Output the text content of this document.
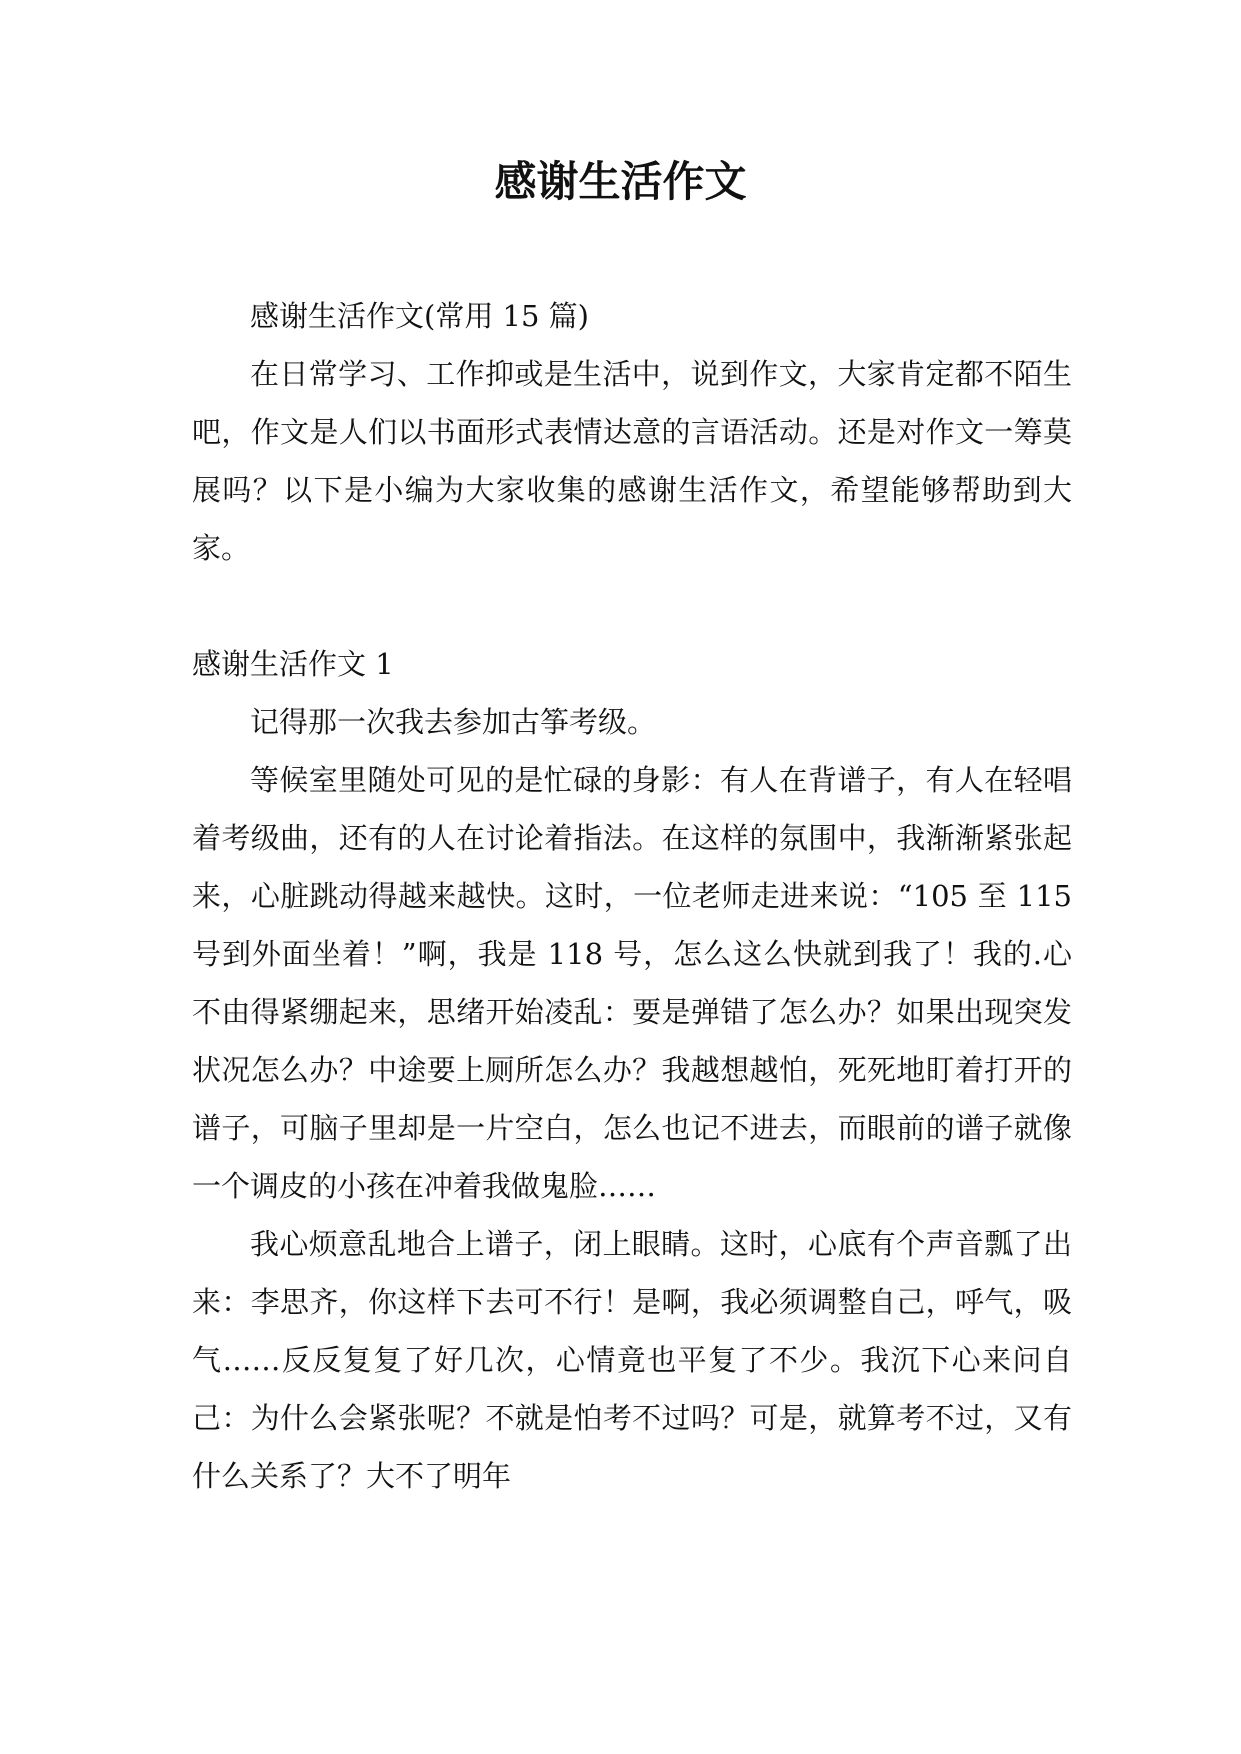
感谢生活作文

感谢生活作文(常用 15 篇)

在日常学习、工作抑或是生活中，说到作文，大家肯定都不陌生吧，作文是人们以书面形式表情达意的言语活动。还是对作文一筹莫展吗？以下是小编为大家收集的感谢生活作文，希望能够帮助到大家。

感谢生活作文 1

记得那一次我去参加古筝考级。

等候室里随处可见的是忙碌的身影：有人在背谱子，有人在轻唱着考级曲，还有的人在讨论着指法。在这样的氛围中，我渐渐紧张起来，心脏跳动得越来越快。这时，一位老师走进来说：“105 至 115 号到外面坐着！”啊，我是 118 号，怎么这么快就到我了！我的.心不由得紧绷起来，思绪开始凌乱：要是弹错了怎么办？如果出现突发状况怎么办？中途要上厕所怎么办？我越想越怕，死死地盯着打开的谱子，可脑子里却是一片空白，怎么也记不进去，而眼前的谱子就像一个调皮的小孩在冲着我做鬼脸……

我心烦意乱地合上谱子，闭上眼睛。这时，心底有个声音瓢了出来：李思齐，你这样下去可不行！是啊，我必须调整自己，呼气，吸气……反反复复了好几次，心情竟也平复了不少。我沉下心来问自己：为什么会紧张呢？不就是怕考不过吗？可是，就算考不过，又有什么关系了？大不了明年
